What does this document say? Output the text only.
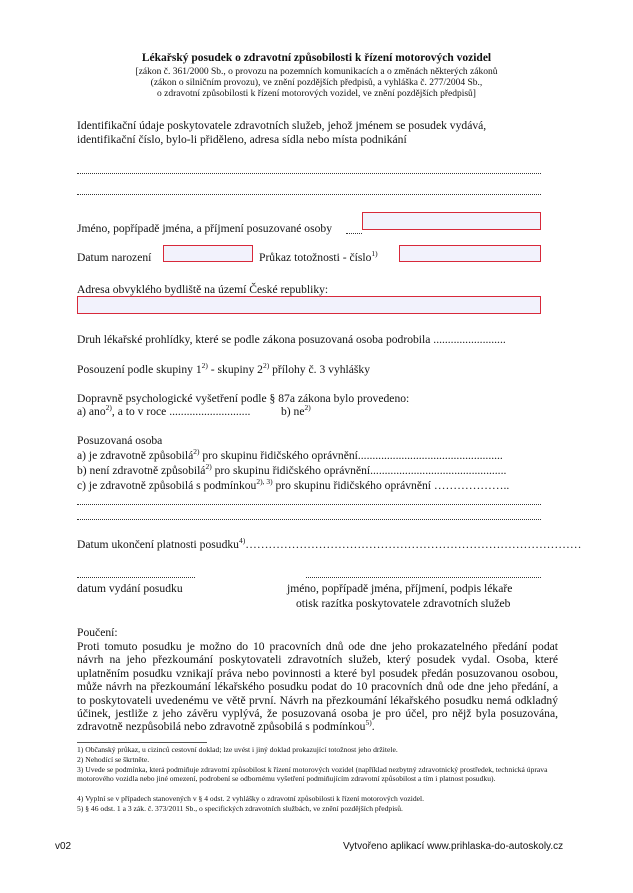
Lékařský posudek o zdravotní způsobilosti k řízení motorových vozidel
[zákon č. 361/2000 Sb., o provozu na pozemních komunikacích a o změnách některých zákonů
(zákon o silničním provozu), ve znění pozdějších předpisů, a vyhláška č. 277/2004 Sb.,
o zdravotní způsobilosti k řízení motorových vozidel, ve znění pozdějších předpisů]
Identifikační údaje poskytovatele zdravotních služeb, jehož jménem se posudek vydává,
identifikační číslo, bylo-li přiděleno, adresa sídla nebo místa podnikání
Jméno, popřípadě jména, a příjmení posuzované osoby
Datum narození	Průkaz totožnosti - číslo$^{1)}$
Adresa obvyklého bydliště na území České republiky:
Druh lékařské prohlídky, které se podle zákona posuzovaná osoba podrobila .........................
Posouzení podle skupiny 1$^{2)}$ - skupiny 2$^{2)}$ přílohy č. 3 vyhlášky
Dopravně psychologické vyšetření podle § 87a zákona bylo provedeno:
a) ano$^{2)}$, a to v roce ............................	b) $ne^{2)}$
Posuzovaná osoba
a) je zdravotně způsobilá$^{2)}$ pro skupinu řidičského oprávnění..................................................
b) není zdravotně způsobilá$^{2)}$ pro skupinu řidičského oprávnění...............................................
c) je zdravotně způsobilá s podmínkou$^{2), 3)}$ pro skupinu řidičského oprávnění ………………..
Datum ukončení platnosti posudku$^{4)}$……………………………………………………………………………
datum vydání posudku	jméno, popřípadě jména, příjmení, podpis lékaře
otisk razítka poskytovatele zdravotních služeb
Poučení:
Proti tomuto posudku je možno do 10 pracovních dnů ode dne jeho prokazatelného předání podat návrh na jeho přezkoumání poskytovateli zdravotních služeb, který posudek vydal. Osoba, které uplatněním posudku vznikají práva nebo povinnosti a které byl posudek předán posuzovanou osobou, může návrh na přezkoumání lékařského posudku podat do 10 pracovních dnů ode dne jeho předání, a to poskytovateli uvedenému ve větě první. Návrh na přezkoumání lékařského posudku nemá odkladný účinek, jestliže z jeho závěru vyplývá, že posuzovaná osoba je pro účel, pro nějž byla posuzována, zdravotně nezpůsobilá nebo zdravotně způsobilá s podmínkou$^{5)}$.
1) Občanský průkaz, u cizinců cestovní doklad; lze uvést i jiný doklad prokazující totožnost jeho držitele.
2) Nehodící se škrtněte.
3) Uvede se podmínka, která podmiňuje zdravotní způsobilost k řízení motorových vozidel (například nezbytný zdravotnický prostředek, technická úprava motorového vozidla nebo jiné omezení, podrobení se odbornému vyšetření podmiňujícím zdravotní způsobilost a tím i platnost posudku).
4) Vyplní se v případech stanovených v § 4 odst. 2 vyhlášky o zdravotní způsobilosti k řízení motorových vozidel.
5) § 46 odst. 1 a 3 zák. č. 373/2011 Sb., o specifických zdravotních službách, ve znění pozdějších předpisů.
v02	Vytvořeno aplikací www.prihlaska-do-autoskoly.cz
